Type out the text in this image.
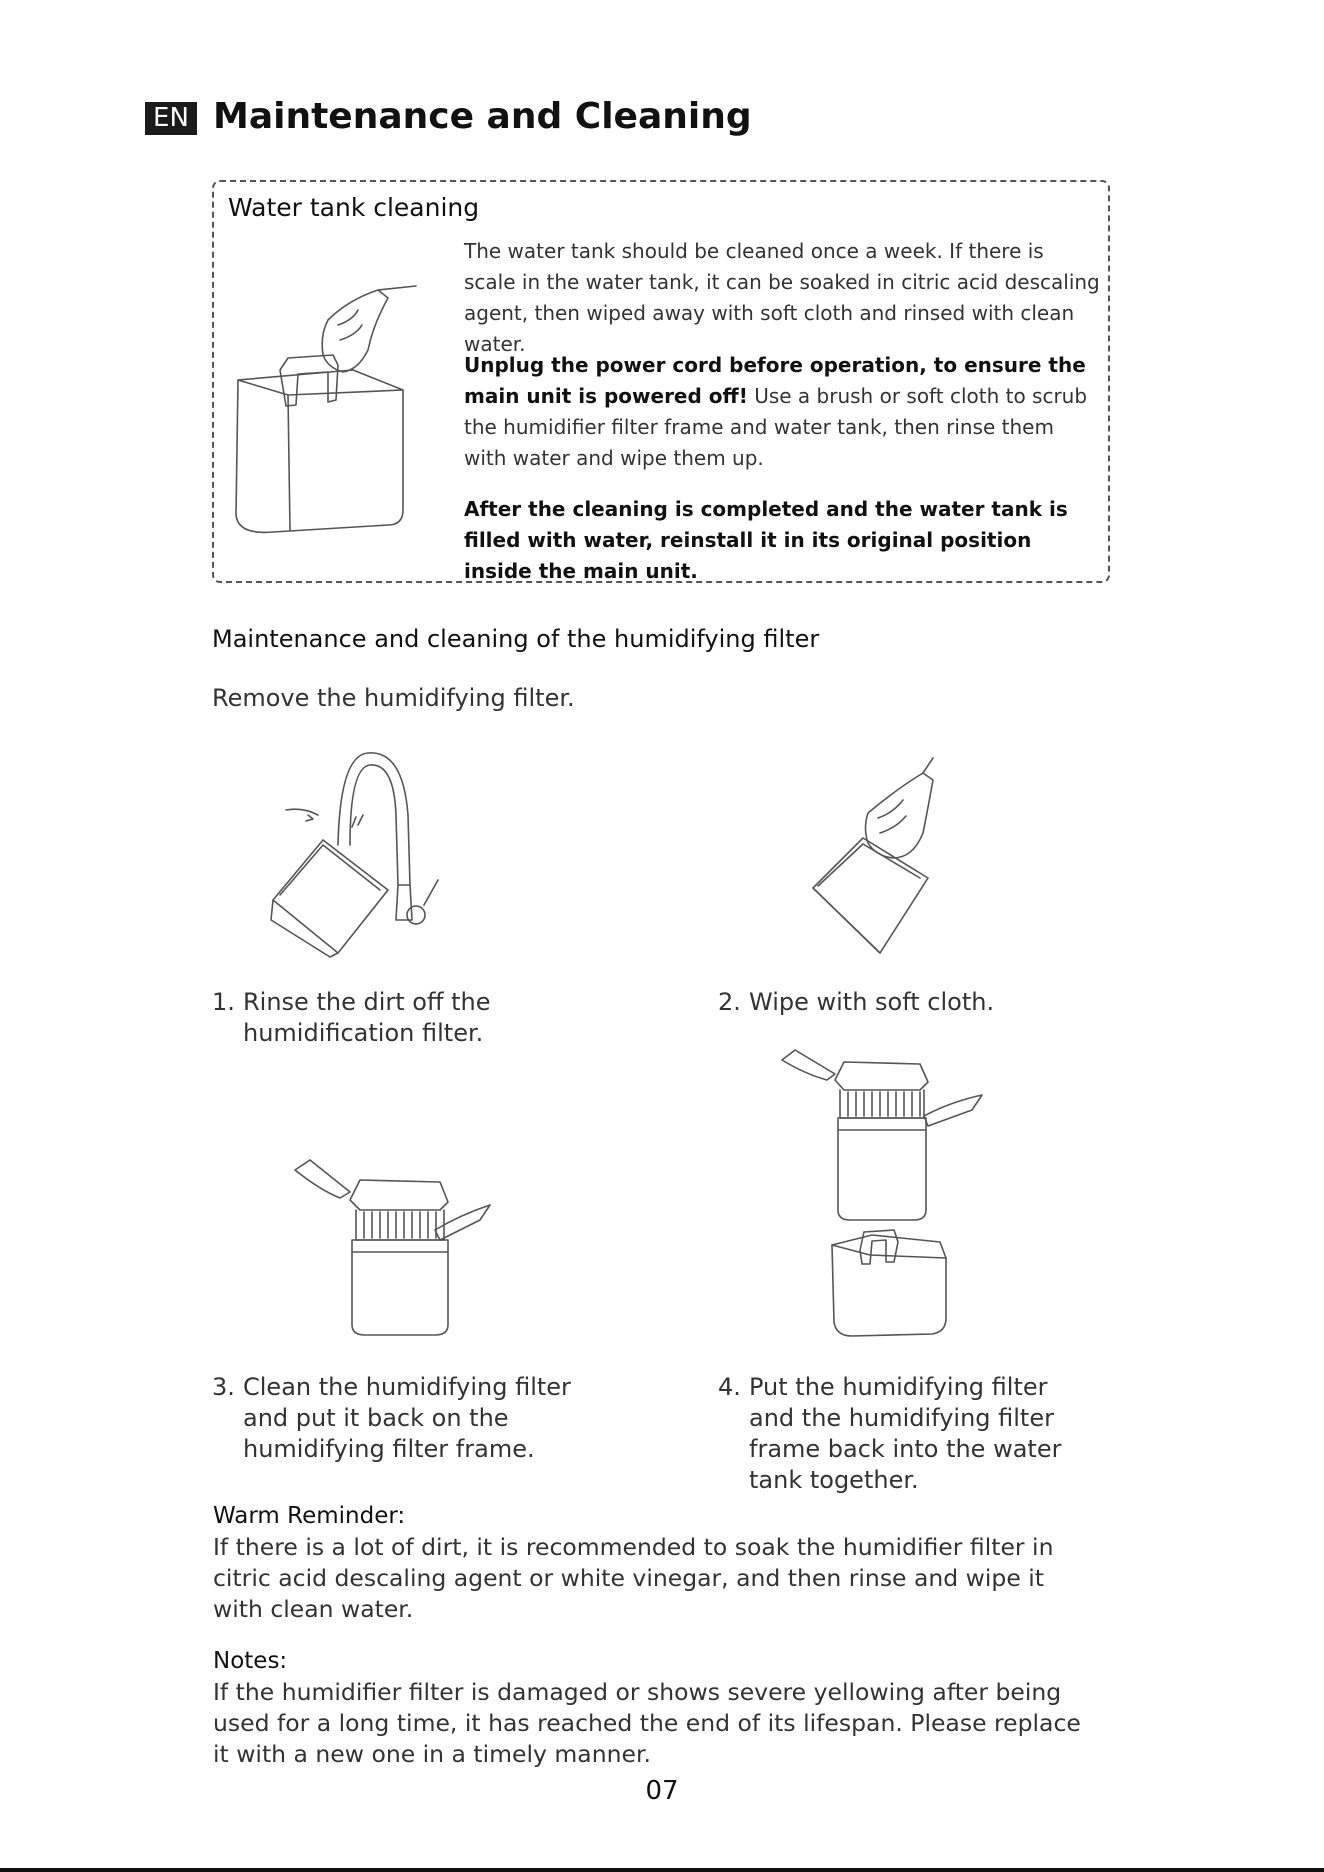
EN Maintenance and Cleaning
Water tank cleaning
The water tank should be cleaned once a week. If there is scale in the water tank, it can be soaked in citric acid descaling agent, then wiped away with soft cloth and rinsed with clean water.
Unplug the power cord before operation, to ensure the main unit is powered off! Use a brush or soft cloth to scrub the humidifier filter frame and water tank, then rinse them with water and wipe them up.
After the cleaning is completed and the water tank is filled with water, reinstall it in its original position inside the main unit.
Maintenance and cleaning of the humidifying filter
Remove the humidifying filter.
1. Rinse the dirt off the humidification filter.
2. Wipe with soft cloth.
3. Clean the humidifying filter and put it back on the humidifying filter frame.
4. Put the humidifying filter and the humidifying filter frame back into the water tank together.
Warm Reminder:
If there is a lot of dirt, it is recommended to soak the humidifier filter in citric acid descaling agent or white vinegar, and then rinse and wipe it with clean water.
Notes:
If the humidifier filter is damaged or shows severe yellowing after being used for a long time, it has reached the end of its lifespan. Please replace it with a new one in a timely manner.
07
